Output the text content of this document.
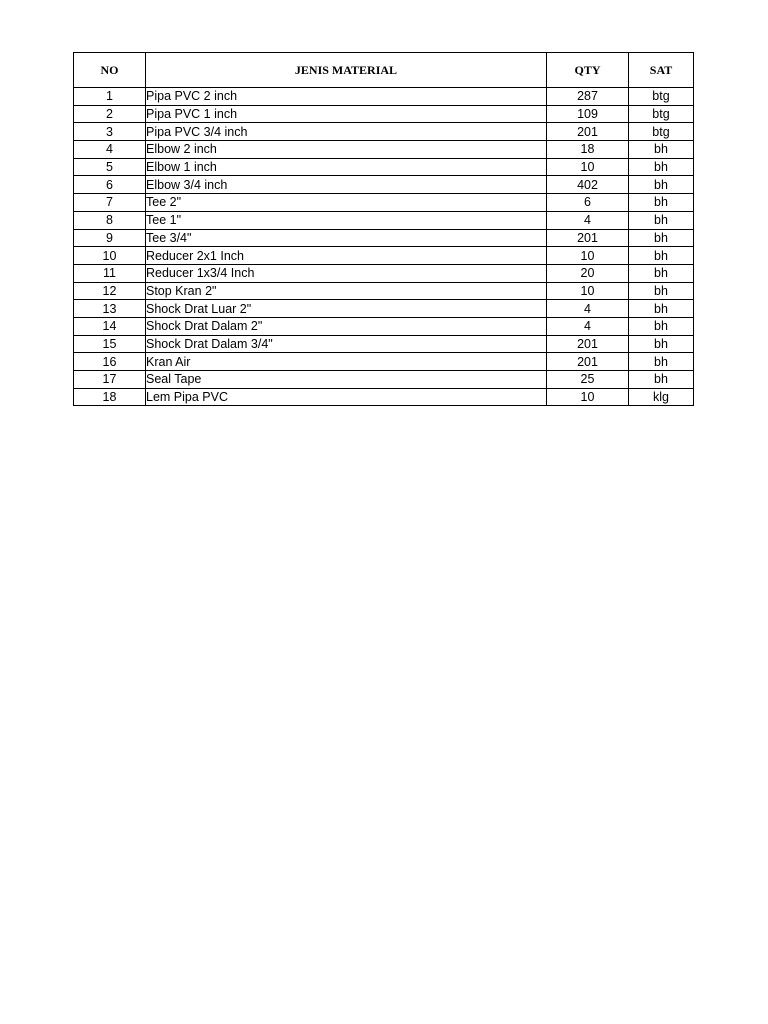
NO	JENIS MATERIAL	QTY	SAT
1	Pipa PVC 2 inch	287	btg
2	Pipa PVC 1 inch	109	btg
3	Pipa PVC 3/4 inch	201	btg
4	Elbow 2 inch	18	bh
5	Elbow 1 inch	10	bh
6	Elbow 3/4 inch	402	bh
7	Tee 2"	6	bh
8	Tee 1"	4	bh
9	Tee 3/4"	201	bh
10	Reducer 2x1 Inch	10	bh
11	Reducer 1x3/4 Inch	20	bh
12	Stop Kran 2"	10	bh
13	Shock Drat Luar 2"	4	bh
14	Shock Drat Dalam 2"	4	bh
15	Shock Drat Dalam 3/4"	201	bh
16	Kran Air	201	bh
17	Seal Tape	25	bh
18	Lem Pipa PVC	10	klg
